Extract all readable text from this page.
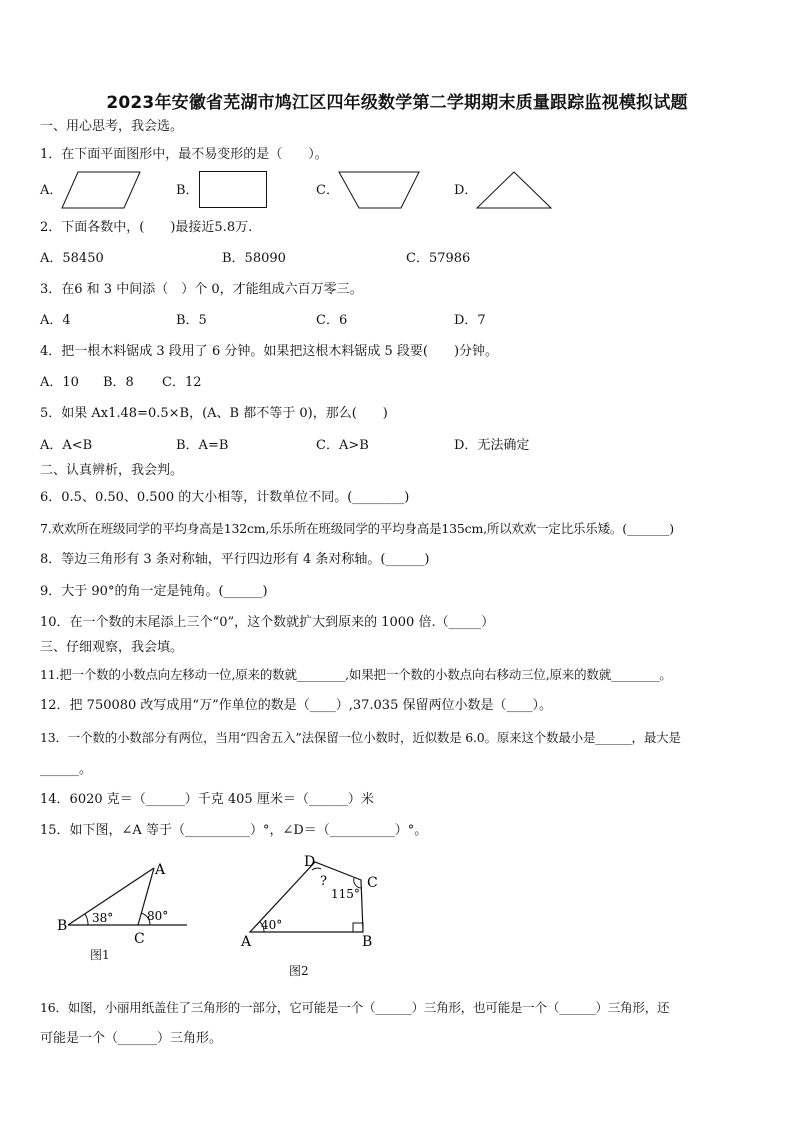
2023年安徽省芜湖市鸠江区四年级数学第二学期期末质量跟踪监视模拟试题
一、用心思考，我会选。
1．在下面平面图形中，最不易变形的是（　　）。
A．	B．	C．	D．
2．下面各数中，(　　)最接近5.8万.
A．58450	B．58090	C．57986
3．在6 和 3 中间添（　）个 0，才能组成六百万零三。
A．4	B．5	C．6	D．7
4．把一根木料锯成 3 段用了 6 分钟。如果把这根木料锯成 5 段要(　　)分钟。
A．10 B．8 C．12
5．如果 Ax1.48=0.5×B，(A、B 都不等于 0)，那么(　　)
A．A<B	B．A=B	C．A>B	D．无法确定
二、认真辨析，我会判。
6．0.5、0.50、0.500 的大小相等，计数单位不同。(________)
7.欢欢所在班级同学的平均身高是132cm,乐乐所在班级同学的平均身高是135cm,所以欢欢一定比乐乐矮。(_______)
8．等边三角形有 3 条对称轴，平行四边形有 4 条对称轴。(______)
9．大于 90°的角一定是钝角。(______)
10．在一个数的末尾添上三个“0”，这个数就扩大到原来的 1000 倍.（_____）
三、仔细观察，我会填。
11.把一个数的小数点向左移动一位,原来的数就________,如果把一个数的小数点向右移动三位,原来的数就________。
12．把 750080 改写成用“万”作单位的数是（____）,37.035 保留两位小数是（____）。
13．一个数的小数部分有两位，当用“四舍五入”法保留一位小数时，近似数是 6.0。原来这个数最小是______，最大是
______。
14．6020 克＝（______）千克 405 厘米＝（______）米
15．如下图，∠A 等于（__________）°，∠D＝（__________）°。
B
A
C
38°	80°
图1
A	B
C
D
40°
115°
?
图2
16．如图，小丽用纸盖住了三角形的一部分，它可能是一个（______）三角形，也可能是一个（______）三角形，还
可能是一个（______）三角形。
